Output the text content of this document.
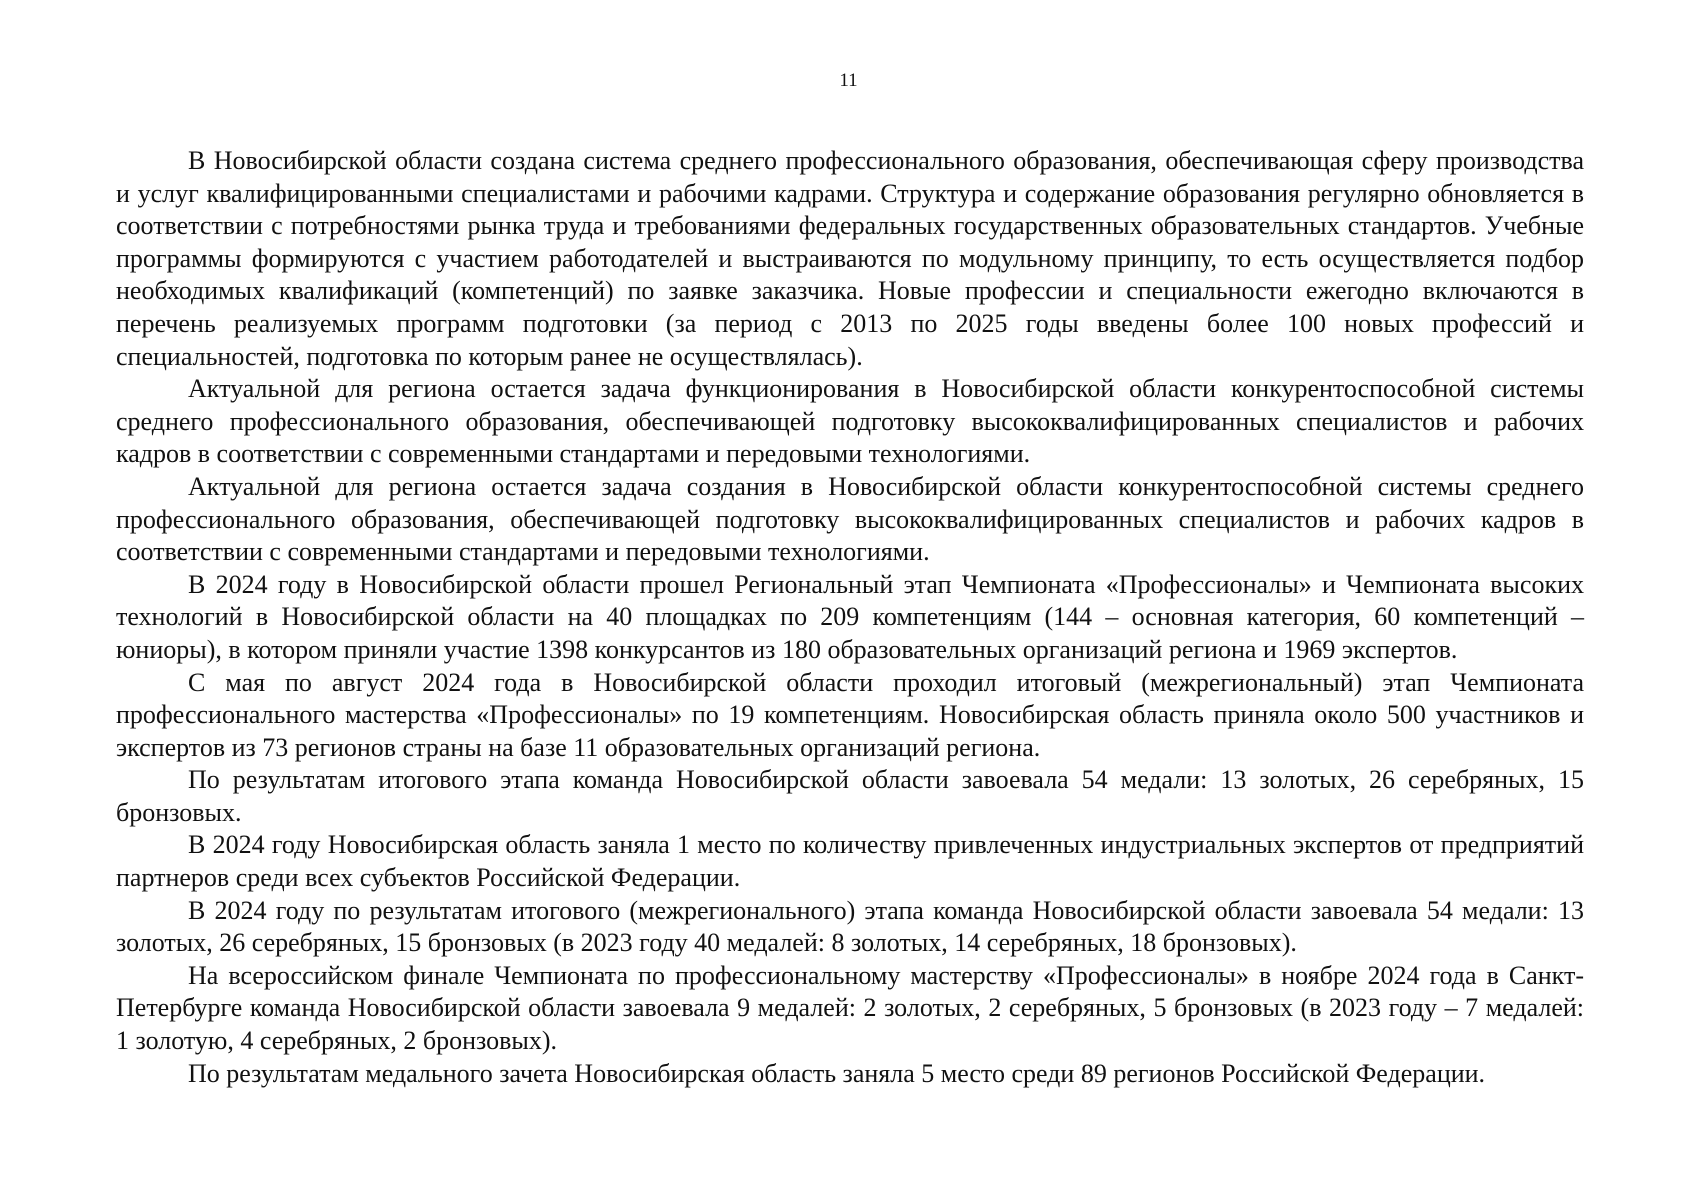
11

В Новосибирской области создана система среднего профессионального образования, обеспечивающая сферу производства и услуг квалифицированными специалистами и рабочими кадрами. Структура и содержание образования регулярно обновляется в соответствии с потребностями рынка труда и требованиями федеральных государственных образовательных стандартов. Учебные программы формируются с участием работодателей и выстраиваются по модульному принципу, то есть осуществляется подбор необходимых квалификаций (компетенций) по заявке заказчика. Новые профессии и специальности ежегодно включаются в перечень реализуемых программ подготовки (за период с 2013 по 2025 годы введены более 100 новых профессий и специальностей, подготовка по которым ранее не осуществлялась).

Актуальной для региона остается задача функционирования в Новосибирской области конкурентоспособной системы среднего профессионального образования, обеспечивающей подготовку высококвалифицированных специалистов и рабочих кадров в соответствии с современными стандартами и передовыми технологиями.

Актуальной для региона остается задача создания в Новосибирской области конкурентоспособной системы среднего профессионального образования, обеспечивающей подготовку высококвалифицированных специалистов и рабочих кадров в соответствии с современными стандартами и передовыми технологиями.

В 2024 году в Новосибирской области прошел Региональный этап Чемпионата «Профессионалы» и Чемпионата высоких технологий в Новосибирской области на 40 площадках по 209 компетенциям (144 – основная категория, 60 компетенций – юниоры), в котором приняли участие 1398 конкурсантов из 180 образовательных организаций региона и 1969 экспертов.

С мая по август 2024 года в Новосибирской области проходил итоговый (межрегиональный) этап Чемпионата профессионального мастерства «Профессионалы» по 19 компетенциям. Новосибирская область приняла около 500 участников и экспертов из 73 регионов страны на базе 11 образовательных организаций региона.

По результатам итогового этапа команда Новосибирской области завоевала 54 медали: 13 золотых, 26 серебряных, 15 бронзовых.

В 2024 году Новосибирская область заняла 1 место по количеству привлеченных индустриальных экспертов от предприятий партнеров среди всех субъектов Российской Федерации.

В 2024 году по результатам итогового (межрегионального) этапа команда Новосибирской области завоевала 54 медали: 13 золотых, 26 серебряных, 15 бронзовых (в 2023 году 40 медалей: 8 золотых, 14 серебряных, 18 бронзовых).

На всероссийском финале Чемпионата по профессиональному мастерству «Профессионалы» в ноябре 2024 года в Санкт-Петербурге команда Новосибирской области завоевала 9 медалей: 2 золотых, 2 серебряных, 5 бронзовых (в 2023 году – 7 медалей: 1 золотую, 4 серебряных, 2 бронзовых).

По результатам медального зачета Новосибирская область заняла 5 место среди 89 регионов Российской Федерации.
